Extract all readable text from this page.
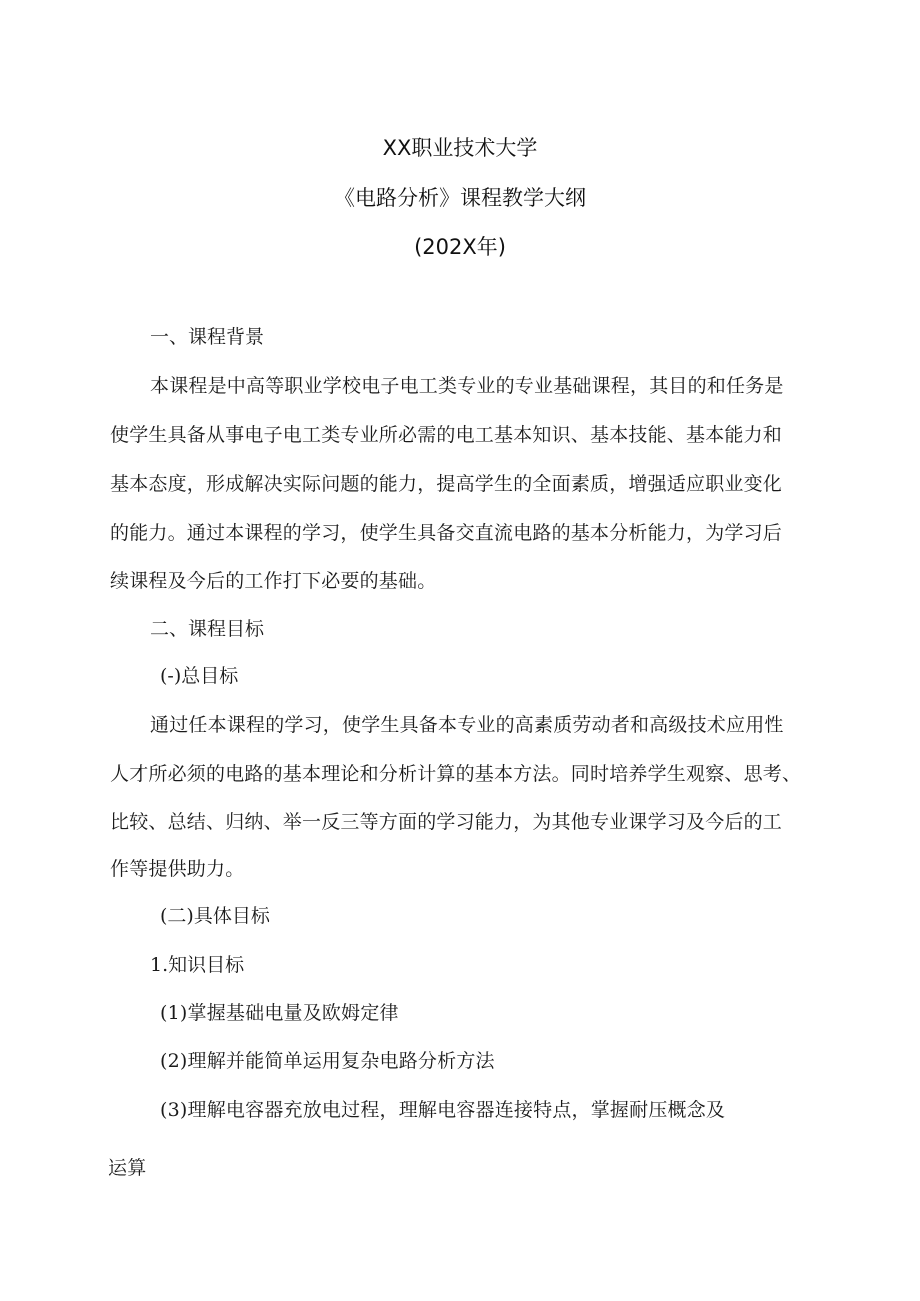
XX职业技术大学
《电路分析》课程教学大纲
(202X年)
一、课程背景
本课程是中高等职业学校电子电工类专业的专业基础课程，其目的和任务是
使学生具备从事电子电工类专业所必需的电工基本知识、基本技能、基本能力和
基本态度，形成解决实际问题的能力，提高学生的全面素质，增强适应职业变化
的能力。通过本课程的学习，使学生具备交直流电路的基本分析能力，为学习后
续课程及今后的工作打下必要的基础。
二、课程目标
(-)总目标
通过任本课程的学习，使学生具备本专业的高素质劳动者和高级技术应用性
人才所必须的电路的基本理论和分析计算的基本方法。同时培养学生观察、思考、
比较、总结、归纳、举一反三等方面的学习能力，为其他专业课学习及今后的工
作等提供助力。
(二)具体目标
1.知识目标
(1)掌握基础电量及欧姆定律
(2)理解并能简单运用复杂电路分析方法
(3)理解电容器充放电过程，理解电容器连接特点，掌握耐压概念及
运算
